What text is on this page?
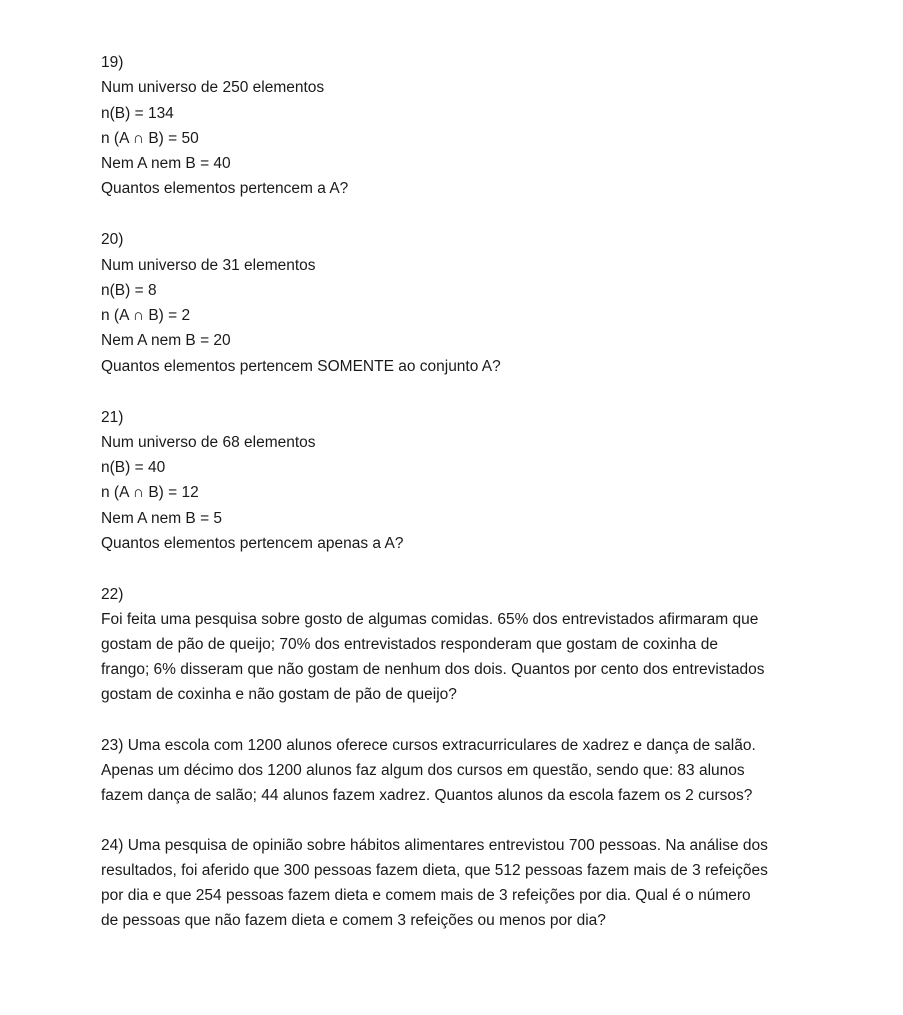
19)
Num universo de 250 elementos
n(B) = 134
n (A ∩ B) = 50
Nem A nem B = 40
Quantos elementos pertencem a A?
20)
Num universo de 31 elementos
n(B) = 8
n (A ∩ B) = 2
Nem A nem B = 20
Quantos elementos pertencem SOMENTE ao conjunto A?
21)
Num universo de 68 elementos
n(B) = 40
n (A ∩ B) = 12
Nem A nem B = 5
Quantos elementos pertencem apenas a A?
22)
Foi feita uma pesquisa sobre gosto de algumas comidas. 65% dos entrevistados afirmaram que
gostam de pão de queijo; 70% dos entrevistados responderam que gostam de coxinha de
frango; 6% disseram que não gostam de nenhum dos dois. Quantos por cento dos entrevistados
gostam de coxinha e não gostam de pão de queijo?
23) Uma escola com 1200 alunos oferece cursos extracurriculares de xadrez e dança de salão.
Apenas um décimo dos 1200 alunos faz algum dos cursos em questão, sendo que: 83 alunos
fazem dança de salão; 44 alunos fazem xadrez. Quantos alunos da escola fazem os 2 cursos?
24) Uma pesquisa de opinião sobre hábitos alimentares entrevistou 700 pessoas. Na análise dos
resultados, foi aferido que 300 pessoas fazem dieta, que 512 pessoas fazem mais de 3 refeições
por dia e que 254 pessoas fazem dieta e comem mais de 3 refeições por dia. Qual é o número
de pessoas que não fazem dieta e comem 3 refeições ou menos por dia?
